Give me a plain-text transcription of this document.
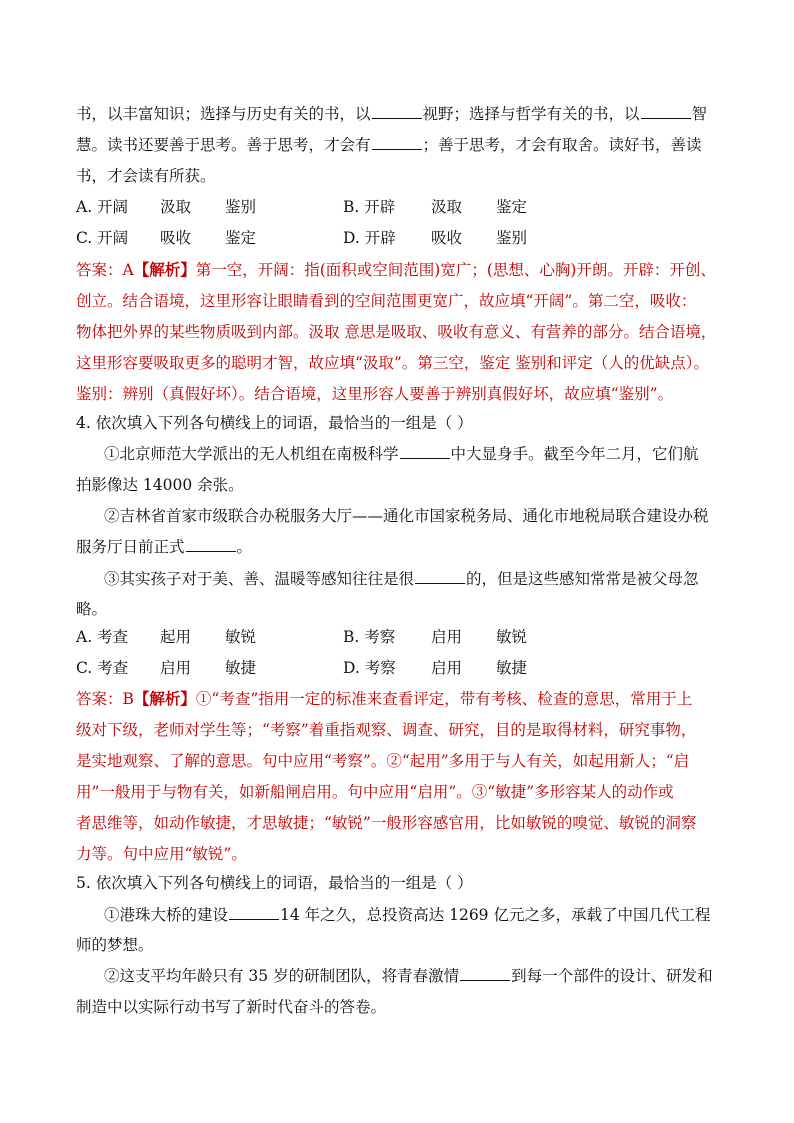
书，以丰富知识；选择与历史有关的书，以	视野；选择与哲学有关的书，以	智
慧。读书还要善于思考。善于思考，才会有	；善于思考，才会有取舍。读好书，善读
书，才会读有所获。
A. 开阔 汲取 鉴别	B. 开辟 汲取 鉴定
C. 开阔 吸收 鉴定	D. 开辟 吸收 鉴别
答案：A【解析】第一空，开阔：指(面积或空间范围)宽广；(思想、心胸)开朗。开辟：开创、
创立。结合语境，这里形容让眼睛看到的空间范围更宽广，故应填“开阔”。第二空，吸收：
物体把外界的某些物质吸到内部。汲取 意思是吸取、吸收有意义、有营养的部分。结合语境，
这里形容要吸取更多的聪明才智，故应填“汲取”。第三空，鉴定 鉴别和评定（人的优缺点）。
鉴别：辨别（真假好坏）。结合语境，这里形容人要善于辨别真假好坏，故应填“鉴别”。
4. 依次填入下列各句横线上的词语，最恰当的一组是（ ）
①北京师范大学派出的无人机组在南极科学	中大显身手。截至今年二月，它们航
拍影像达 14000 余张。
②吉林省首家市级联合办税服务大厅——通化市国家税务局、通化市地税局联合建设办税
服务厅日前正式	。
③其实孩子对于美、善、温暖等感知往往是很	的，但是这些感知常常是被父母忽
略。
A. 考查 起用 敏锐	B. 考察 启用 敏锐
C. 考查 启用 敏捷	D. 考察 启用 敏捷
答案：B【解析】①“考查”指用一定的标准来查看评定，带有考核、检查的意思，常用于上
级对下级，老师对学生等；“考察”着重指观察、调查、研究，目的是取得材料，研究事物，
是实地观察、了解的意思。句中应用“考察”。②“起用”多用于与人有关，如起用新人；“启
用”一般用于与物有关，如新船闸启用。句中应用“启用”。③“敏捷”多形容某人的动作或
者思维等，如动作敏捷，才思敏捷；“敏锐”一般形容感官用，比如敏锐的嗅觉、敏锐的洞察
力等。句中应用“敏锐”。
5. 依次填入下列各句横线上的词语，最恰当的一组是（ ）
①港珠大桥的建设	14 年之久，总投资高达 1269 亿元之多，承载了中国几代工程
师的梦想。
②这支平均年龄只有 35 岁的研制团队，将青春激情	到每一个部件的设计、研发和
制造中以实际行动书写了新时代奋斗的答卷。
